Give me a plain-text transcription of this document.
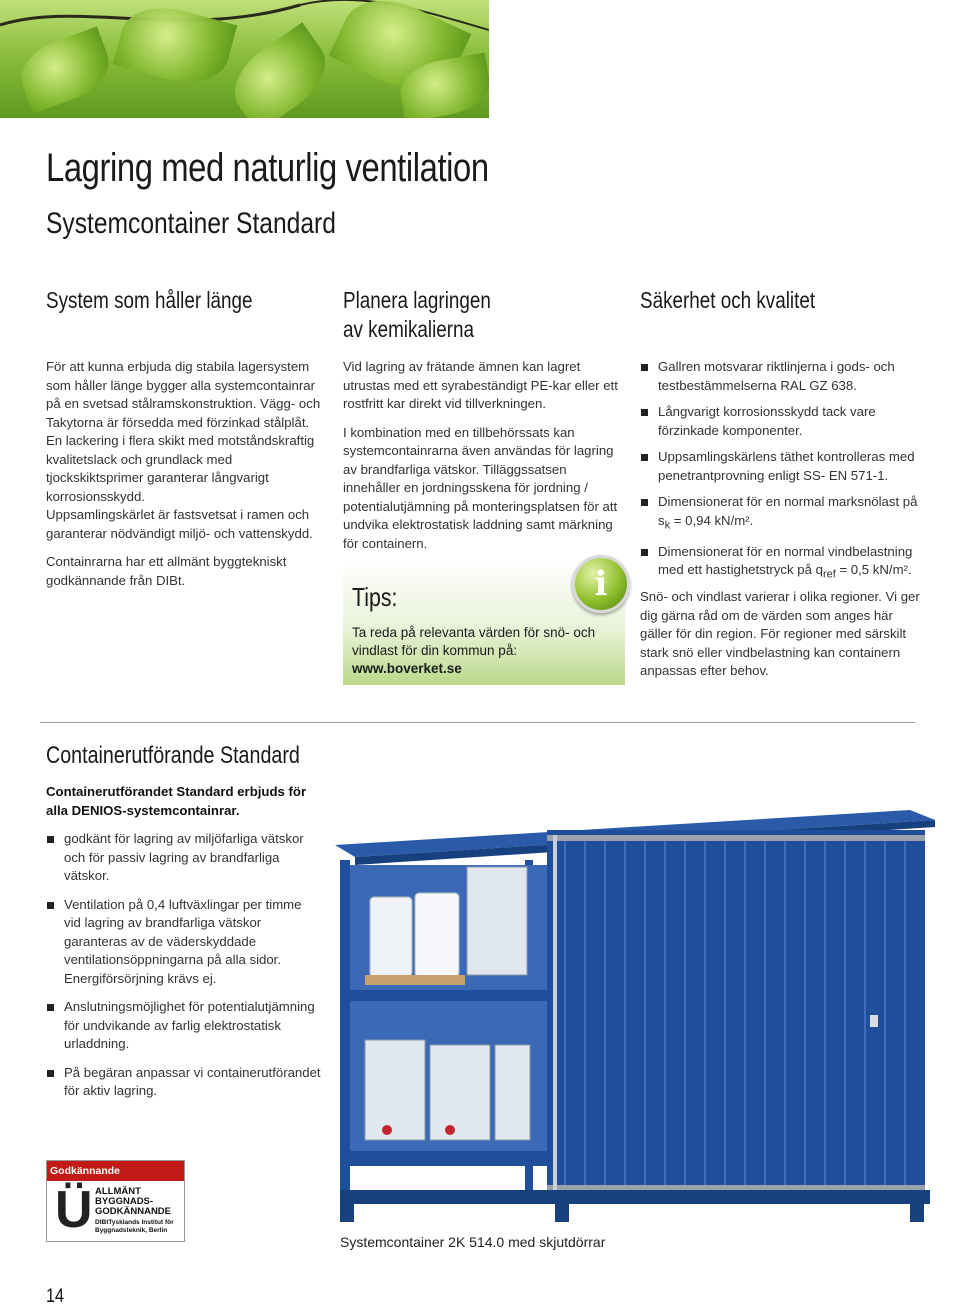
Lagring med naturlig ventilation
Systemcontainer Standard
System som håller länge

För att kunna erbjuda dig stabila lagersystem som håller länge bygger alla systemcontainrar på en svetsad stålramskonstruktion. Vägg- och Takytorna är försedda med förzinkad stålplåt.

En lackering i flera skikt med motståndskraftig kvalitetslack och grundlack med tjockskiktsprimer garanterar långvarigt korrosionsskydd.

Uppsamlingskärlet är fastsvetsat i ramen och garanterar nödvändigt miljö- och vattenskydd.

Containrarna har ett allmänt byggtekniskt godkännande från DIBt.

Planera lagringen
av kemikalierna

Vid lagring av frätande ämnen kan lagret utrustas med ett syrabeständigt PE-kar eller ett rostfritt kar direkt vid tillverkningen.

I kombination med en tillbehörssats kan systemcontainrarna även användas för lagring av brandfarliga vätskor. Tilläggssatsen innehåller en jordningsskena för jordning / potentialutjämning på monteringsplatsen för att undvika elektrostatisk laddning samt märkning för containern.

Tips:
Ta reda på relevanta värden för snö- och vindlast för din kommun på:
www.boverket.se
i
Säkerhet och kvalitet
Gallren motsvarar riktlinjerna i gods- och testbestämmelserna RAL GZ 638.
Långvarigt korrosionsskydd tack vare förzinkade komponenter.
Uppsamlingskärlens täthet kontrolleras med penetrantprovning enligt SS- EN 571-1.
Dimensionerat för en normal marksnölast på $s_k = 0,94$ kN/m².
Dimensionerat för en normal vindbelastning med ett hastighetstryck på $q_{ref} = 0,5$ kN/m².

Snö- och vindlast varierar i olika regioner. Vi ger dig gärna råd om de värden som anges här gäller för din region. För regioner med särskilt stark snö eller vindbelastning kan containern anpassas efter behov.

Containerutförande Standard
Containerutförandet Standard erbjuds för alla DENIOS-systemcontainrar.
godkänt för lagring av miljöfarliga vätskor och för passiv lagring av brandfarliga vätskor.
Ventilation på 0,4 luftväxlingar per timme vid lagring av brandfarliga vätskor garanteras av de väderskyddade ventilationsöppningarna på alla sidor.
Energiförsörjning krävs ej.
Anslutningsmöjlighet för potentialutjämning för undvikande av farlig elektrostatisk urladdning.
På begäran anpassar vi containerutförandet för aktiv lagring.
Godkännande
Ü ALLMÄNT
BYGGNADS-
GODKÄNNANDE
DIBtTysklands Institut för Byggnadsteknik, Berlin
Systemcontainer 2K 514.0 med skjutdörrar
14
